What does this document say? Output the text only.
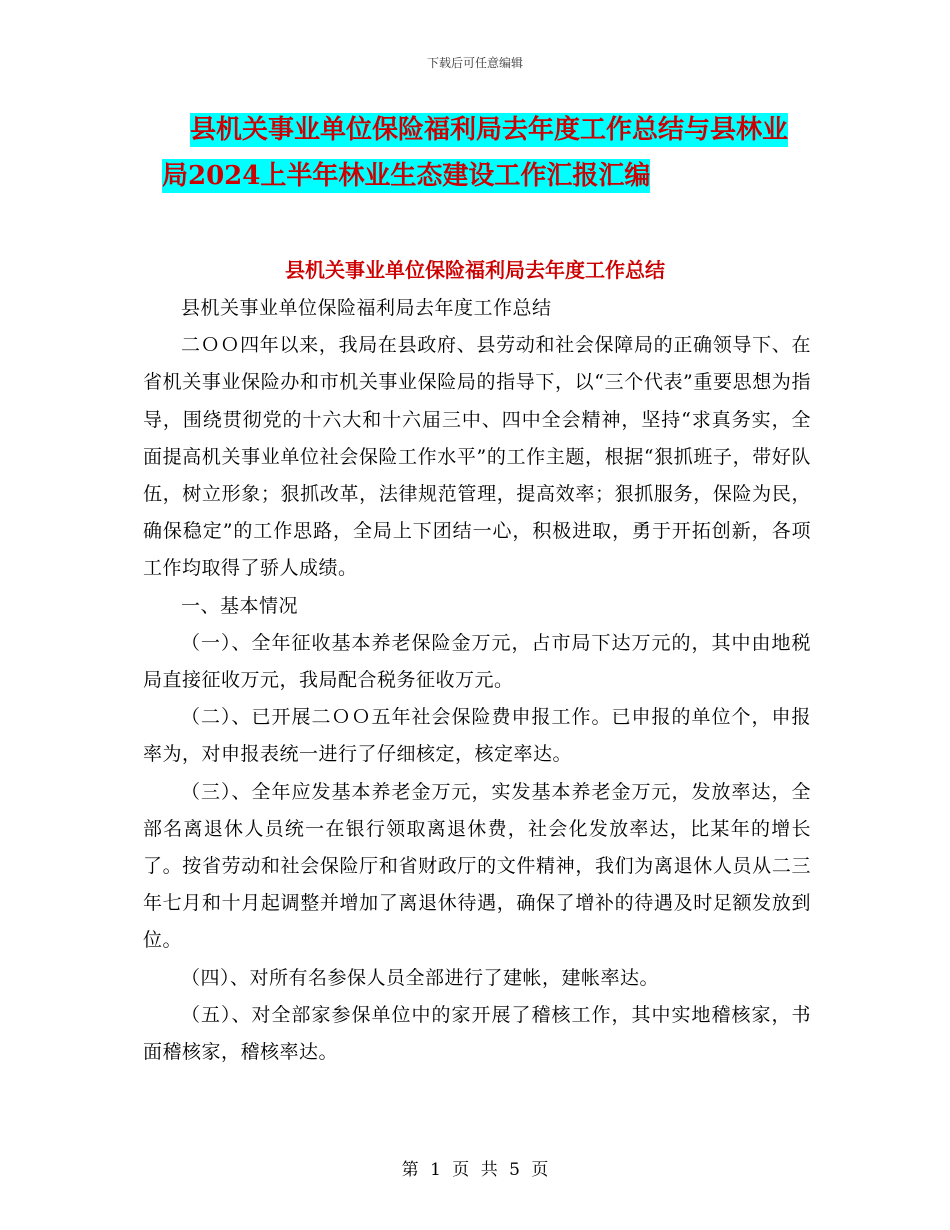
下载后可任意编辑
县机关事业单位保险福利局去年度工作总结与县林业
局2024上半年林业生态建设工作汇报汇编
县机关事业单位保险福利局去年度工作总结

县机关事业单位保险福利局去年度工作总结

二ＯＯ四年以来，我局在县政府、县劳动和社会保障局的正确领导下、在省机关事业保险办和市机关事业保险局的指导下，以“三个代表”重要思想为指导，围绕贯彻党的十六大和十六届三中、四中全会精神，坚持“求真务实，全面提高机关事业单位社会保险工作水平”的工作主题，根据“狠抓班子，带好队伍，树立形象；狠抓改革，法律规范管理，提高效率；狠抓服务，保险为民，确保稳定”的工作思路，全局上下团结一心，积极进取，勇于开拓创新，各项工作均取得了骄人成绩。

一、基本情况

（一）、全年征收基本养老保险金万元，占市局下达万元的，其中由地税局直接征收万元，我局配合税务征收万元。

（二）、已开展二ＯＯ五年社会保险费申报工作。已申报的单位个，申报率为，对申报表统一进行了仔细核定，核定率达。

（三）、全年应发基本养老金万元，实发基本养老金万元，发放率达，全部名离退休人员统一在银行领取离退休费，社会化发放率达，比某年的增长了。按省劳动和社会保险厅和省财政厅的文件精神，我们为离退休人员从二三年七月和十月起调整并增加了离退休待遇，确保了增补的待遇及时足额发放到位。

（四）、对所有名参保人员全部进行了建帐，建帐率达。

（五）、对全部家参保单位中的家开展了稽核工作，其中实地稽核家，书面稽核家，稽核率达。

第 1 页 共 5 页
